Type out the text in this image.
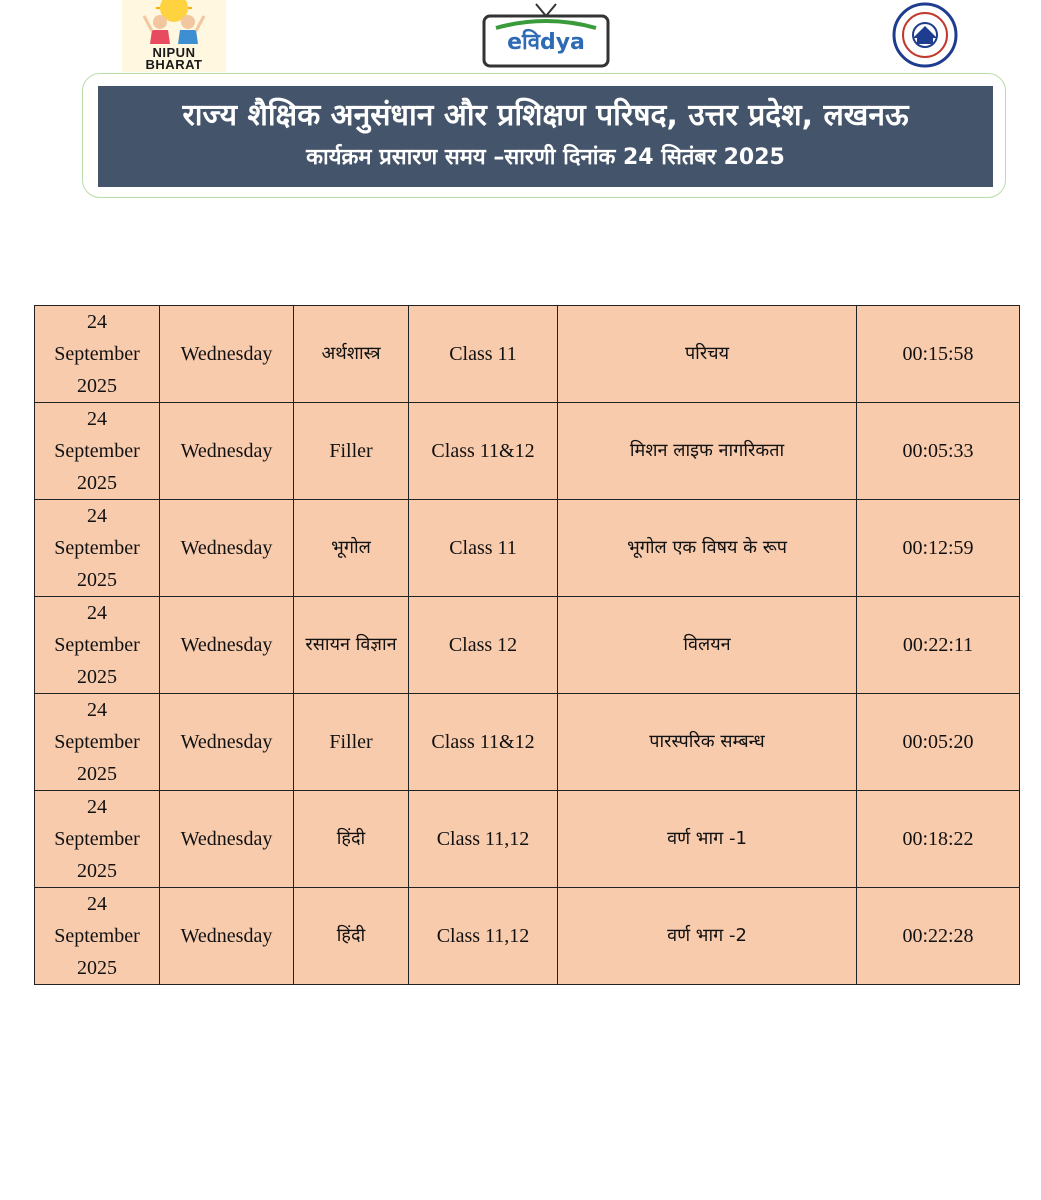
NIPUN
BHARAT
eविdya
राज्य शैक्षिक अनुसंधान और प्रशिक्षण परिषद, उत्तर प्रदेश, लखनऊ
कार्यक्रम प्रसारण समय –सारणी दिनांक 24 सितंबर 2025
24
September
2025	Wednesday	अर्थशास्त्र	Class 11	परिचय	00:15:58

24
September
2025	Wednesday	Filler	Class 11&12	मिशन लाइफ नागरिकता	00:05:33

24
September
2025	Wednesday	भूगोल	Class 11	भूगोल एक विषय के रूप	00:12:59

24
September
2025	Wednesday	रसायन विज्ञान	Class 12	विलयन	00:22:11

24
September
2025	Wednesday	Filler	Class 11&12	पारस्परिक सम्बन्ध	00:05:20

24
September
2025	Wednesday	हिंदी	Class 11,12	वर्ण भाग -1	00:18:22

24
September
2025	Wednesday	हिंदी	Class 11,12	वर्ण भाग -2	00:22:28
